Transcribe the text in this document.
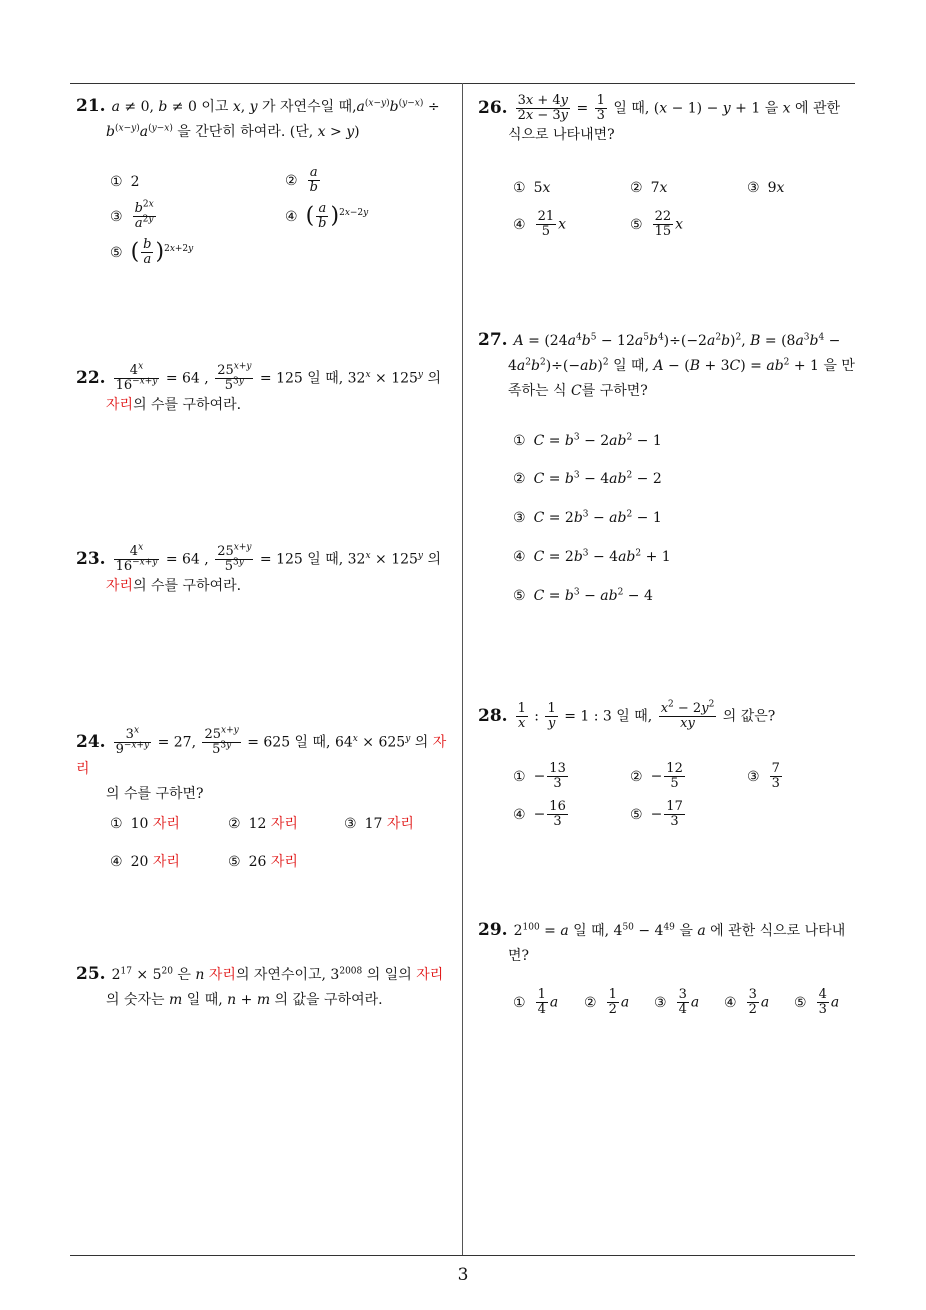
3
21. a ≠ 0, b ≠ 0 이고 x, y 가 자연수일 때$,a^{(x-y)}b^{(y-x)}$ ÷
$b^{(x-y)}a^{(y-x)}$ 을 간단히 하여라. (단, x > y)
① 2	② $\frac{a}{b}$
③ $\frac{b^{2x}}{a^{2y}}$	④ ( $\frac{a}{b} )^{2x-2y}$
⑤ ( $\frac{b}{a} )^{2x+2y}$
22. $\frac{4^x}{16^{-x+y}} = 64$ , $\frac{25^{x+y}}{5^{3y}} = 125$ 일 때, $32^x \times 125^y$ 의
자리의 수를 구하여라.
23. $\frac{4^x}{16^{-x+y}} = 64$ , $\frac{25^{x+y}}{5^{3y}} = 125$ 일 때, $32^x \times 125^y$ 의
자리의 수를 구하여라.
24. $\frac{3^x}{9^{-x+y}} = 27$, $\frac{25^{x+y}}{5^{3y}} = 625$ 일 때, $64^x \times 625^y$ 의 자리
의 수를 구하면?
① 10 자리	② 12 자리	③ 17 자리
④ 20 자리	⑤ 26 자리
25. $2^{17} \times 5^{20}$ 은 n 자리의 자연수이고, $3^{2008}$ 의 일의 자리
의 숫자는 m 일 때, n + m 의 값을 구하여라.
26. $\frac{3x + 4y}{2x - 3y} = \frac{1}{3}$ 일 때, (x − 1) − y + 1 을 x 에 관한
식으로 나타내면?
① 5x	② 7x	③ 9x
④ $\frac{21}{5}$ x	⑤ $\frac{22}{15}$ x
27. $A = (24a^4b^5 - 12a^5b^4)\div(-2a^2b)^2$, $B = (8a^3b^4$ −
$4a^2b^2)\div(-ab)^2$ 일 때, $A - (B + 3C) = ab^2 + 1$ 을 만
족하는 식 C를 구하면?
① $C = b^3 - 2ab^2 - 1$
② $C = b^3 - 4ab^2 - 2$
③ $C = 2b^3 - ab^2 - 1$
④ $C = 2b^3 - 4ab^2 + 1$
⑤ $C = b^3 - ab^2 - 4$
28. $\frac{1}{x}$ : $\frac{1}{y} = 1$ : 3 일 때, $\frac{x^2 - 2y^2}{xy}$ 의 값은?
① − $\frac{13}{3}$	② − $\frac{12}{5}$	③ $\frac{7}{3}$
④ − $\frac{16}{3}$	⑤ − $\frac{17}{3}$
29. $2^{100} = a$ 일 때, $4^{50} - 4^{49}$ 을 a 에 관한 식으로 나타내
면?
① $\frac{1}{4}$ a ② $\frac{1}{2}$ a ③ $\frac{3}{4}$ a ④ $\frac{3}{2}$ a ⑤ $\frac{4}{3}$ a
